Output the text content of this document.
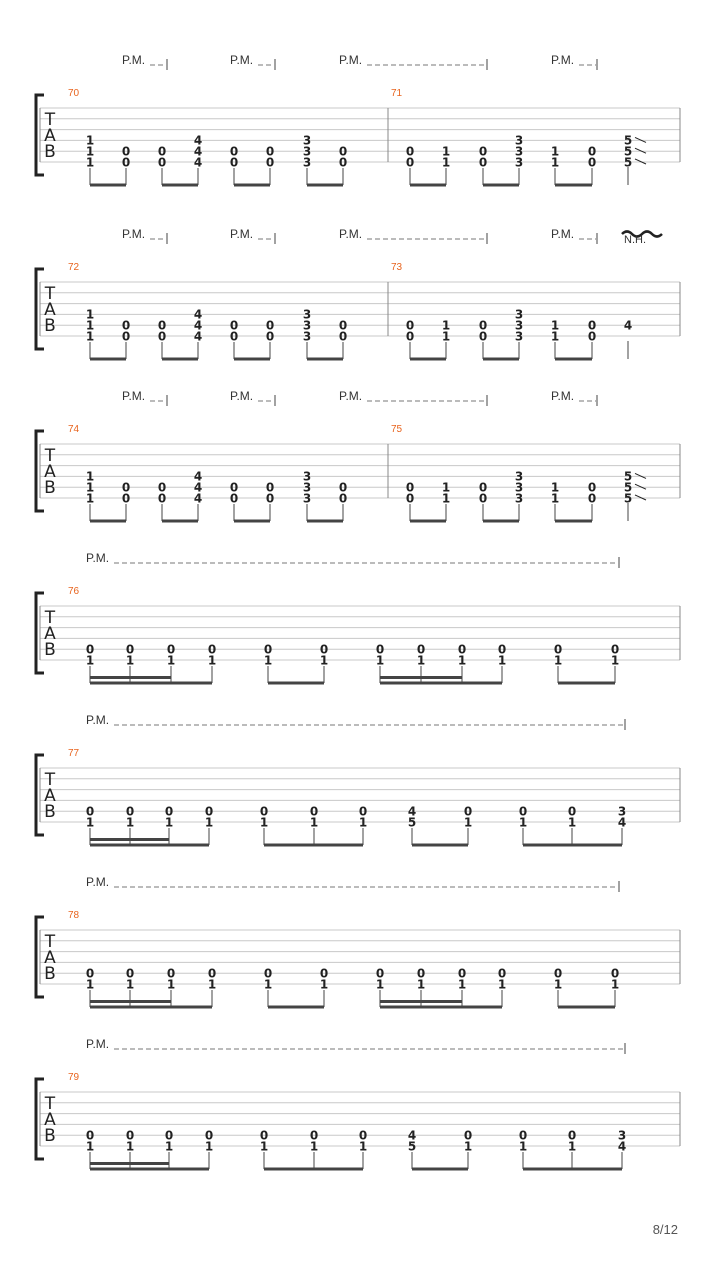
T
A
B
P.M.	P.M.	P.M.	P.M.
70
1
1
1
0
0
0
0
4
4
4
0
0
0
0
3
3
3
0
0
71
0
0
1
1
0
0
3
3
3
1
1
0
0
5
5
5
T
A
B
P.M.	P.M.	P.M.	P.M.	N.H.
72
1
1
1
0
0
0
0
4
4
4
0
0
0
0
3
3
3
0
0
73
0
0
1
1
0
0
3
3
3
1
1
0
0
4
T
A
B
P.M.	P.M.	P.M.	P.M.
74
1
1
1
0
0
0
0
4
4
4
0
0
0
0
3
3
3
0
0
75
0
0
1
1
0
0
3
3
3
1
1
0
0
5
5
5
T
A
B
P.M.
76
0
1
0
1
0
1
0
1
0
1
0
1
0
1
0
1
0
1
0
1
0
1
0
1
T
A
B
P.M.
77
0
1
0
1
0
1
0
1
0
1
0
1
0
1
4
5
0
1
0
1
0
1
3
4
T
A
B
P.M.
78
0
1
0
1
0
1
0
1
0
1
0
1
0
1
0
1
0
1
0
1
0
1
0
1
T
A
B
P.M.
79
0
1
0
1
0
1
0
1
0
1
0
1
0
1
4
5
0
1
0
1
0
1
3
4
8/12
